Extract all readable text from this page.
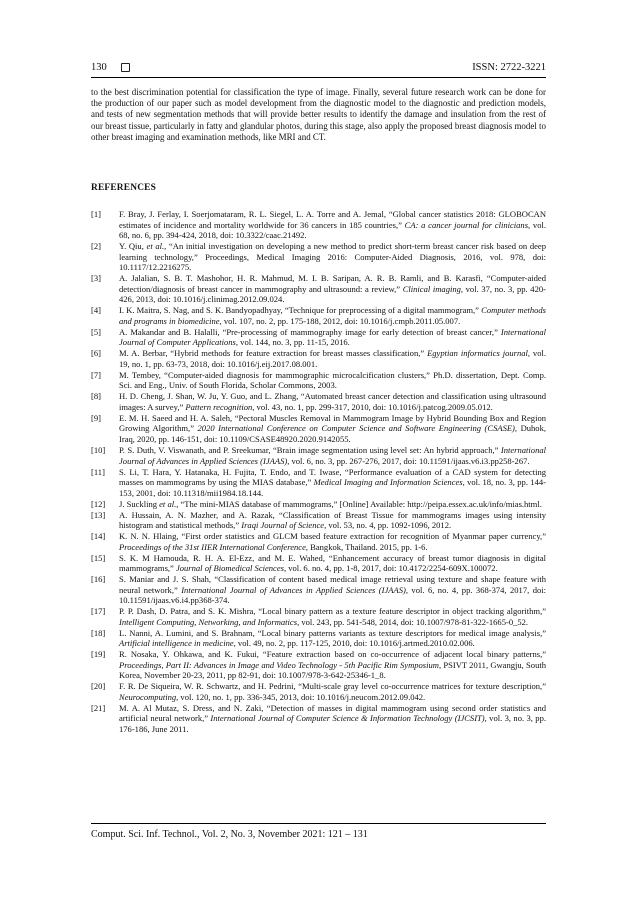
130	ISSN: 2722-3221

to the best discrimination potential for classification the type of image. Finally, several future research work can be done for the production of our paper such as model development from the diagnostic model to the diagnostic and prediction models, and tests of new segmentation methods that will provide better results to identify the damage and insulation from the rest of our breast tissue, particularly in fatty and glandular photos, during this stage, also apply the proposed breast diagnosis model to other breast imaging and examination methods, like MRI and CT.

REFERENCES
[1]	F. Bray, J. Ferlay, I. Soerjomataram, R. L. Siegel, L. A. Torre and A. Jemal, “Global cancer statistics 2018: GLOBOCAN estimates of incidence and mortality worldwide for 36 cancers in 185 countries,” CA: a cancer journal for clinicians, vol. 68, no. 6, pp. 394-424, 2018, doi: 10.3322/caac.21492.
[2]	Y. Qiu, et al., “An initial investigation on developing a new method to predict short-term breast cancer risk based on deep learning technology,” Proceedings, Medical Imaging 2016: Computer-Aided Diagnosis, 2016, vol. 978, doi: 10.1117/12.2216275.
[3]	A. Jalalian, S. B. T. Mashohor, H. R. Mahmud, M. I. B. Saripan, A. R. B. Ramli, and B. Karasfi, “Computer-aided detection/diagnosis of breast cancer in mammography and ultrasound: a review,” Clinical imaging, vol. 37, no. 3, pp. 420-426, 2013, doi: 10.1016/j.clinimag.2012.09.024.
[4]	I. K. Maitra, S. Nag, and S. K. Bandyopadhyay, “Technique for preprocessing of a digital mammogram,” Computer methods and programs in biomedicine, vol. 107, no. 2, pp. 175-188, 2012, doi: 10.1016/j.cmpb.2011.05.007.
[5]	A. Makandar and B. Halalli, “Pre-processing of mammography image for early detection of breast cancer,” International Journal of Computer Applications, vol. 144, no. 3, pp. 11-15, 2016.
[6]	M. A. Berbar, “Hybrid methods for feature extraction for breast masses classification,” Egyptian informatics journal, vol. 19, no. 1, pp. 63-73, 2018, doi: 10.1016/j.eij.2017.08.001.
[7]	M. Tembey, “Computer-aided diagnosis for mammographic microcalcification clusters,” Ph.D. dissertation, Dept. Comp. Sci. and Eng., Univ. of South Florida, Scholar Commons, 2003.
[8]	H. D. Cheng, J. Shan, W. Ju, Y. Guo, and L. Zhang, “Automated breast cancer detection and classification using ultrasound images: A survey,” Pattern recognition, vol. 43, no. 1, pp. 299-317, 2010, doi: 10.1016/j.patcog.2009.05.012.
[9]	E. M. H. Saeed and H. A. Saleh, “Pectoral Muscles Removal in Mammogram Image by Hybrid Bounding Box and Region Growing Algorithm,” 2020 International Conference on Computer Science and Software Engineering (CSASE), Duhok, Iraq, 2020, pp. 146-151, doi: 10.1109/CSASE48920.2020.9142055.
[10]	P. S. Duth, V. Viswanath, and P. Sreekumar, “Brain image segmentation using level set: An hybrid approach,” International Journal of Advances in Applied Sciences (IJAAS), vol. 6, no. 3, pp. 267-276, 2017, doi: 10.11591/ijaas.v6.i3.pp258-267.
[11]	S. Li, T. Hara, Y. Hatanaka, H. Fujita, T. Endo, and T. Iwase, “Performance evaluation of a CAD system for detecting masses on mammograms by using the MIAS database,” Medical Imaging and Information Sciences, vol. 18, no. 3, pp. 144-153, 2001, doi: 10.11318/mii1984.18.144.
[12]	J. Suckling et al., “The mini-MIAS database of mammograms,” [Online] Available: http://peipa.essex.ac.uk/info/mias.html.
[13]	A. Hussain, A. N. Mazher, and A. Razak, “Classification of Breast Tissue for mammograms images using intensity histogram and statistical methods,” Iraqi Journal of Science, vol. 53, no. 4, pp. 1092-1096, 2012.
[14]	K. N. N. Hlaing, “First order statistics and GLCM based feature extraction for recognition of Myanmar paper currency,” Proceedings of the 31st IIER International Conference, Bangkok, Thailand. 2015, pp. 1-6.
[15]	S. K. M Hamouda, R. H. A. El-Ezz, and M. E. Wahed, “Enhancement accuracy of breast tumor diagnosis in digital mammograms,” Journal of Biomedical Sciences, vol. 6. no. 4, pp. 1-8, 2017, doi: 10.4172/2254-609X.100072.
[16]	S. Maniar and J. S. Shah, “Classification of content based medical image retrieval using texture and shape feature with neural network,” International Journal of Advances in Applied Sciences (IJAAS), vol. 6, no. 4, pp. 368-374, 2017, doi: 10.11591/ijaas.v6.i4.pp368-374.
[17]	P. P. Dash, D. Patra, and S. K. Mishra, “Local binary pattern as a texture feature descriptor in object tracking algorithm,” Intelligent Computing, Networking, and Informatics, vol. 243, pp. 541-548, 2014, doi: 10.1007/978-81-322-1665-0_52.
[18]	L. Nanni, A. Lumini, and S. Brahnam, “Local binary patterns variants as texture descriptors for medical image analysis,” Artificial intelligence in medicine, vol. 49, no. 2, pp. 117-125, 2010, doi: 10.1016/j.artmed.2010.02.006.
[19]	R. Nosaka, Y. Ohkawa, and K. Fukui, “Feature extraction based on co-occurrence of adjacent local binary patterns,” Proceedings, Part II: Advances in Image and Video Technology - 5th Pacific Rim Symposium, PSIVT 2011, Gwangju, South Korea, November 20-23, 2011, pp 82-91, doi: 10.1007/978-3-642-25346-1_8.
[20]	F. R. De Siqueira, W. R. Schwartz, and H. Pedrini, “Multi-scale gray level co-occurrence matrices for texture description,” Neurocomputing, vol. 120, no. 1, pp. 336-345, 2013, doi: 10.1016/j.neucom.2012.09.042.
[21]	M. A. Al Mutaz, S. Dress, and N. Zaki, “Detection of masses in digital mammogram using second order statistics and artificial neural network,” International Journal of Computer Science & Information Technology (IJCSIT), vol. 3, no. 3, pp. 176-186, June 2011.
Comput. Sci. Inf. Technol., Vol. 2, No. 3, November 2021: 121 – 131
